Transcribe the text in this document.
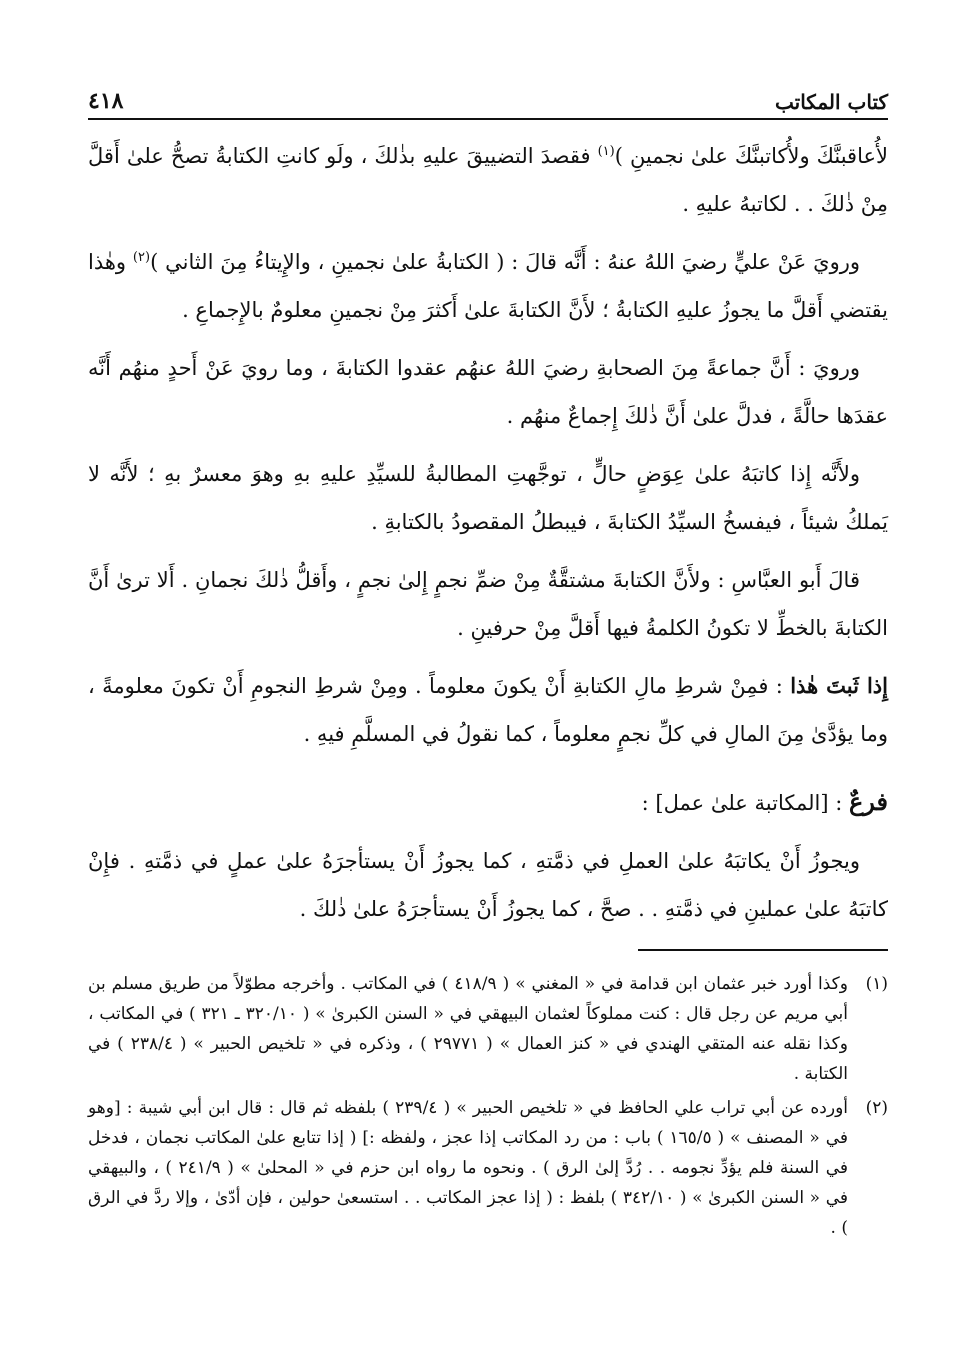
كتاب المكاتب
٤١٨

لأُعاقبنَّكَ ولأُكاتبنَّكَ علىٰ نجمينِ )$^{(١)}$ فقصدَ التضييقَ عليهِ بذٰلكَ ، ولَو كانتِ الكتابةُ تصحُّ علىٰ أَقلَّ مِنْ ذٰلكَ . . لكاتبهُ عليهِ .

ورويَ عَنْ عليٍّ رضيَ اللهُ عنهُ : أَنَّه قالَ : ( الكتابةُ علىٰ نجمينِ ، والإِيتاءُ مِنَ الثاني )$^{(٢)}$ وهٰذا يقتضي أَقلَّ ما يجوزُ عليهِ الكتابةُ ؛ لأَنَّ الكتابةَ علىٰ أَكثرَ مِنْ نجمينِ معلومٌ بالإِجماعِ .

ورويَ : أَنَّ جماعةً مِنَ الصحابةِ رضيَ اللهُ عنهُم عقدوا الكتابةَ ، وما رويَ عَنْ أَحدٍ منهُم أَنَّه عقدَها حالَّةً ، فدلَّ علىٰ أَنَّ ذٰلكَ إِجماعٌ منهُم .

ولأَنَّه إِذا كاتبَهُ علىٰ عِوَضٍ حالٍّ ، توجَّهتِ المطالبةُ للسيِّدِ عليهِ بهِ وهوَ معسرٌ بهِ ؛ لأَنَّه لا يَملكُ شيئاً ، فيفسخُ السيِّدُ الكتابةَ ، فيبطلُ المقصودُ بالكتابةِ .

قالَ أَبو العبَّاسِ : ولأَنَّ الكتابةَ مشتقَّةٌ مِنْ ضمِّ نجمٍ إِلىٰ نجمٍ ، وأَقلُّ ذٰلكَ نجمانِ . أَلا ترىٰ أَنَّ الكتابةَ بالخطِّ لا تكونُ الكلمةُ فيها أَقلَّ مِنْ حرفينِ .

إِذا ثَبتَ هٰذا : فمِنْ شرطِ مالِ الكتابةِ أَنْ يكونَ معلوماً . ومِنْ شرطِ النجومِ أَنْ تكونَ معلومةً ، وما يؤدَّىٰ مِنَ المالِ في كلِّ نجمٍ معلوماً ، كما نقولُ في المسلَّمِ فيهِ .

فرعٌ : [المكاتبة علىٰ عمل] :

ويجوزُ أَنْ يكاتبَهُ علىٰ العملِ في ذمَّتهِ ، كما يجوزُ أَنْ يستأجرَهُ علىٰ عملٍ في ذمَّتهِ . فإِنْ كاتبَهُ علىٰ عملينِ في ذمَّتهِ . . صحَّ ، كما يجوزُ أَنْ يستأجرَهُ علىٰ ذٰلكَ .

(١)
وكذا أورد خبر عثمان ابن قدامة في « المغني » ( ٤١٨/٩ ) في المكاتب . وأخرجه مطوّلاً من طريق مسلم بن أبي مريم عن رجل قال : كنت مملوكاً لعثمان البيهقي في « السنن الكبرىٰ » ( ٣٢٠/١٠ ـ ٣٢١ ) في المكاتب ، وكذا نقله عنه المتقي الهندي في « كنز العمال » ( ٢٩٧٧١ ) ، وذكره في « تلخيص الحبير » ( ٢٣٨/٤ ) في الكتابة .
(٢)
أورده عن أبي تراب علي الحافظ في « تلخيص الحبير » ( ٢٣٩/٤ ) بلفظه ثم قال : قال ابن أبي شيبة : [وهو في « المصنف » ( ١٦٥/٥ ) باب : من رد المكاتب إذا عجز ، ولفظه :] ( إذا تتابع علىٰ المكاتب نجمان ، فدخل في السنة فلم يؤدِّ نجومه . . رُدَّ إلىٰ الرق ) . ونحوه ما رواه ابن حزم في « المحلىٰ » ( ٢٤١/٩ ) ، والبيهقي في « السنن الكبرىٰ » ( ٣٤٢/١٠ ) بلفظ : ( إذا عجز المكاتب . . استسعىٰ حولين ، فإن أدّىٰ ، وإلا ردَّ في الرق ) .
